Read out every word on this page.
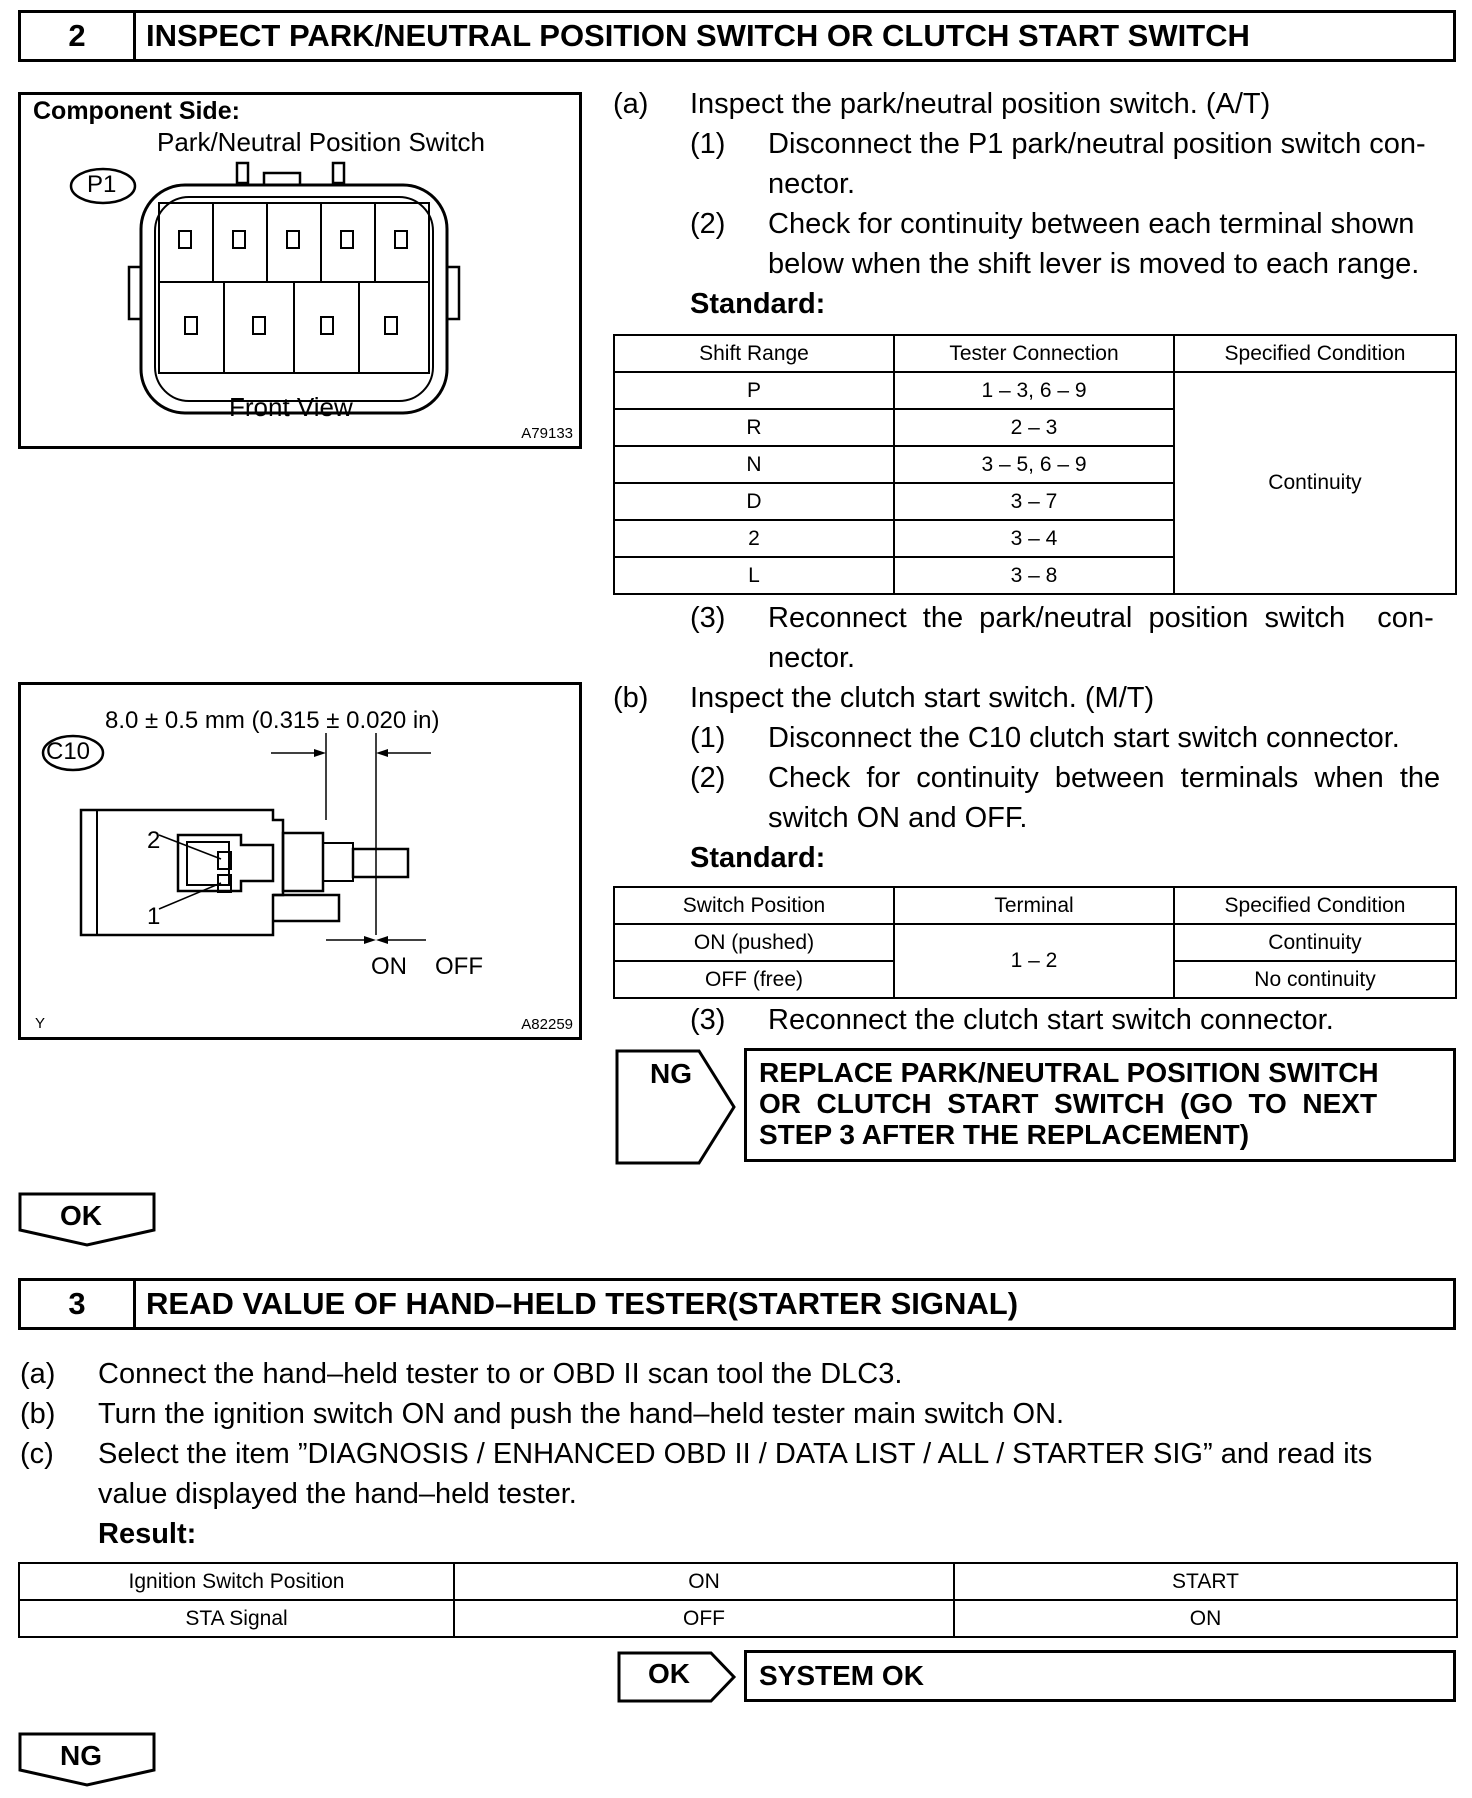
2	INSPECT PARK/NEUTRAL POSITION SWITCH OR CLUTCH START SWITCH
Component Side:
Park/Neutral Position Switch
Front View
A79133
P1
C10
8.0 ± 0.5 mm (0.315 ± 0.020 in)
2
1
ON OFF
Y	A82259
(a) Inspect the park/neutral position switch. (A/T)
(1) Disconnect the P1 park/neutral position switch con-
nector.
(2) Check for continuity between each terminal shown
below when the shift lever is moved to each range.
Standard:
Shift Range	Tester Connection	Specified Condition
P	1 – 3, 6 – 9	Continuity
R	2 – 3	
N	3 – 5, 6 – 9	
D	3 – 7	
2	3 – 4	
L	3 – 8	
(3) Reconnect  the  park/neutral  position  switch    con-
nector.
(b) Inspect the clutch start switch. (M/T)
(1) Disconnect the C10 clutch start switch connector.
(2) Check  for  continuity  between  terminals  when  the
switch ON and OFF.
Standard:
Switch Position	Terminal	Specified Condition
ON (pushed)	1 – 2	Continuity
OFF (free)		No continuity
(3) Reconnect the clutch start switch connector.
NG REPLACE PARK/NEUTRAL POSITION SWITCH
OR  CLUTCH  START  SWITCH  (GO  TO  NEXT
STEP 3 AFTER THE REPLACEMENT)
OK
3	READ VALUE OF HAND–HELD TESTER(STARTER SIGNAL)
(a) Connect the hand–held tester to or OBD II scan tool the DLC3.
(b) Turn the ignition switch ON and push the hand–held tester main switch ON.
(c) Select the item ”DIAGNOSIS / ENHANCED OBD II / DATA LIST / ALL / STARTER SIG” and read its
value displayed the hand–held tester.
Result:
Ignition Switch Position	ON	START
STA Signal	OFF	ON
OK SYSTEM OK
NG
